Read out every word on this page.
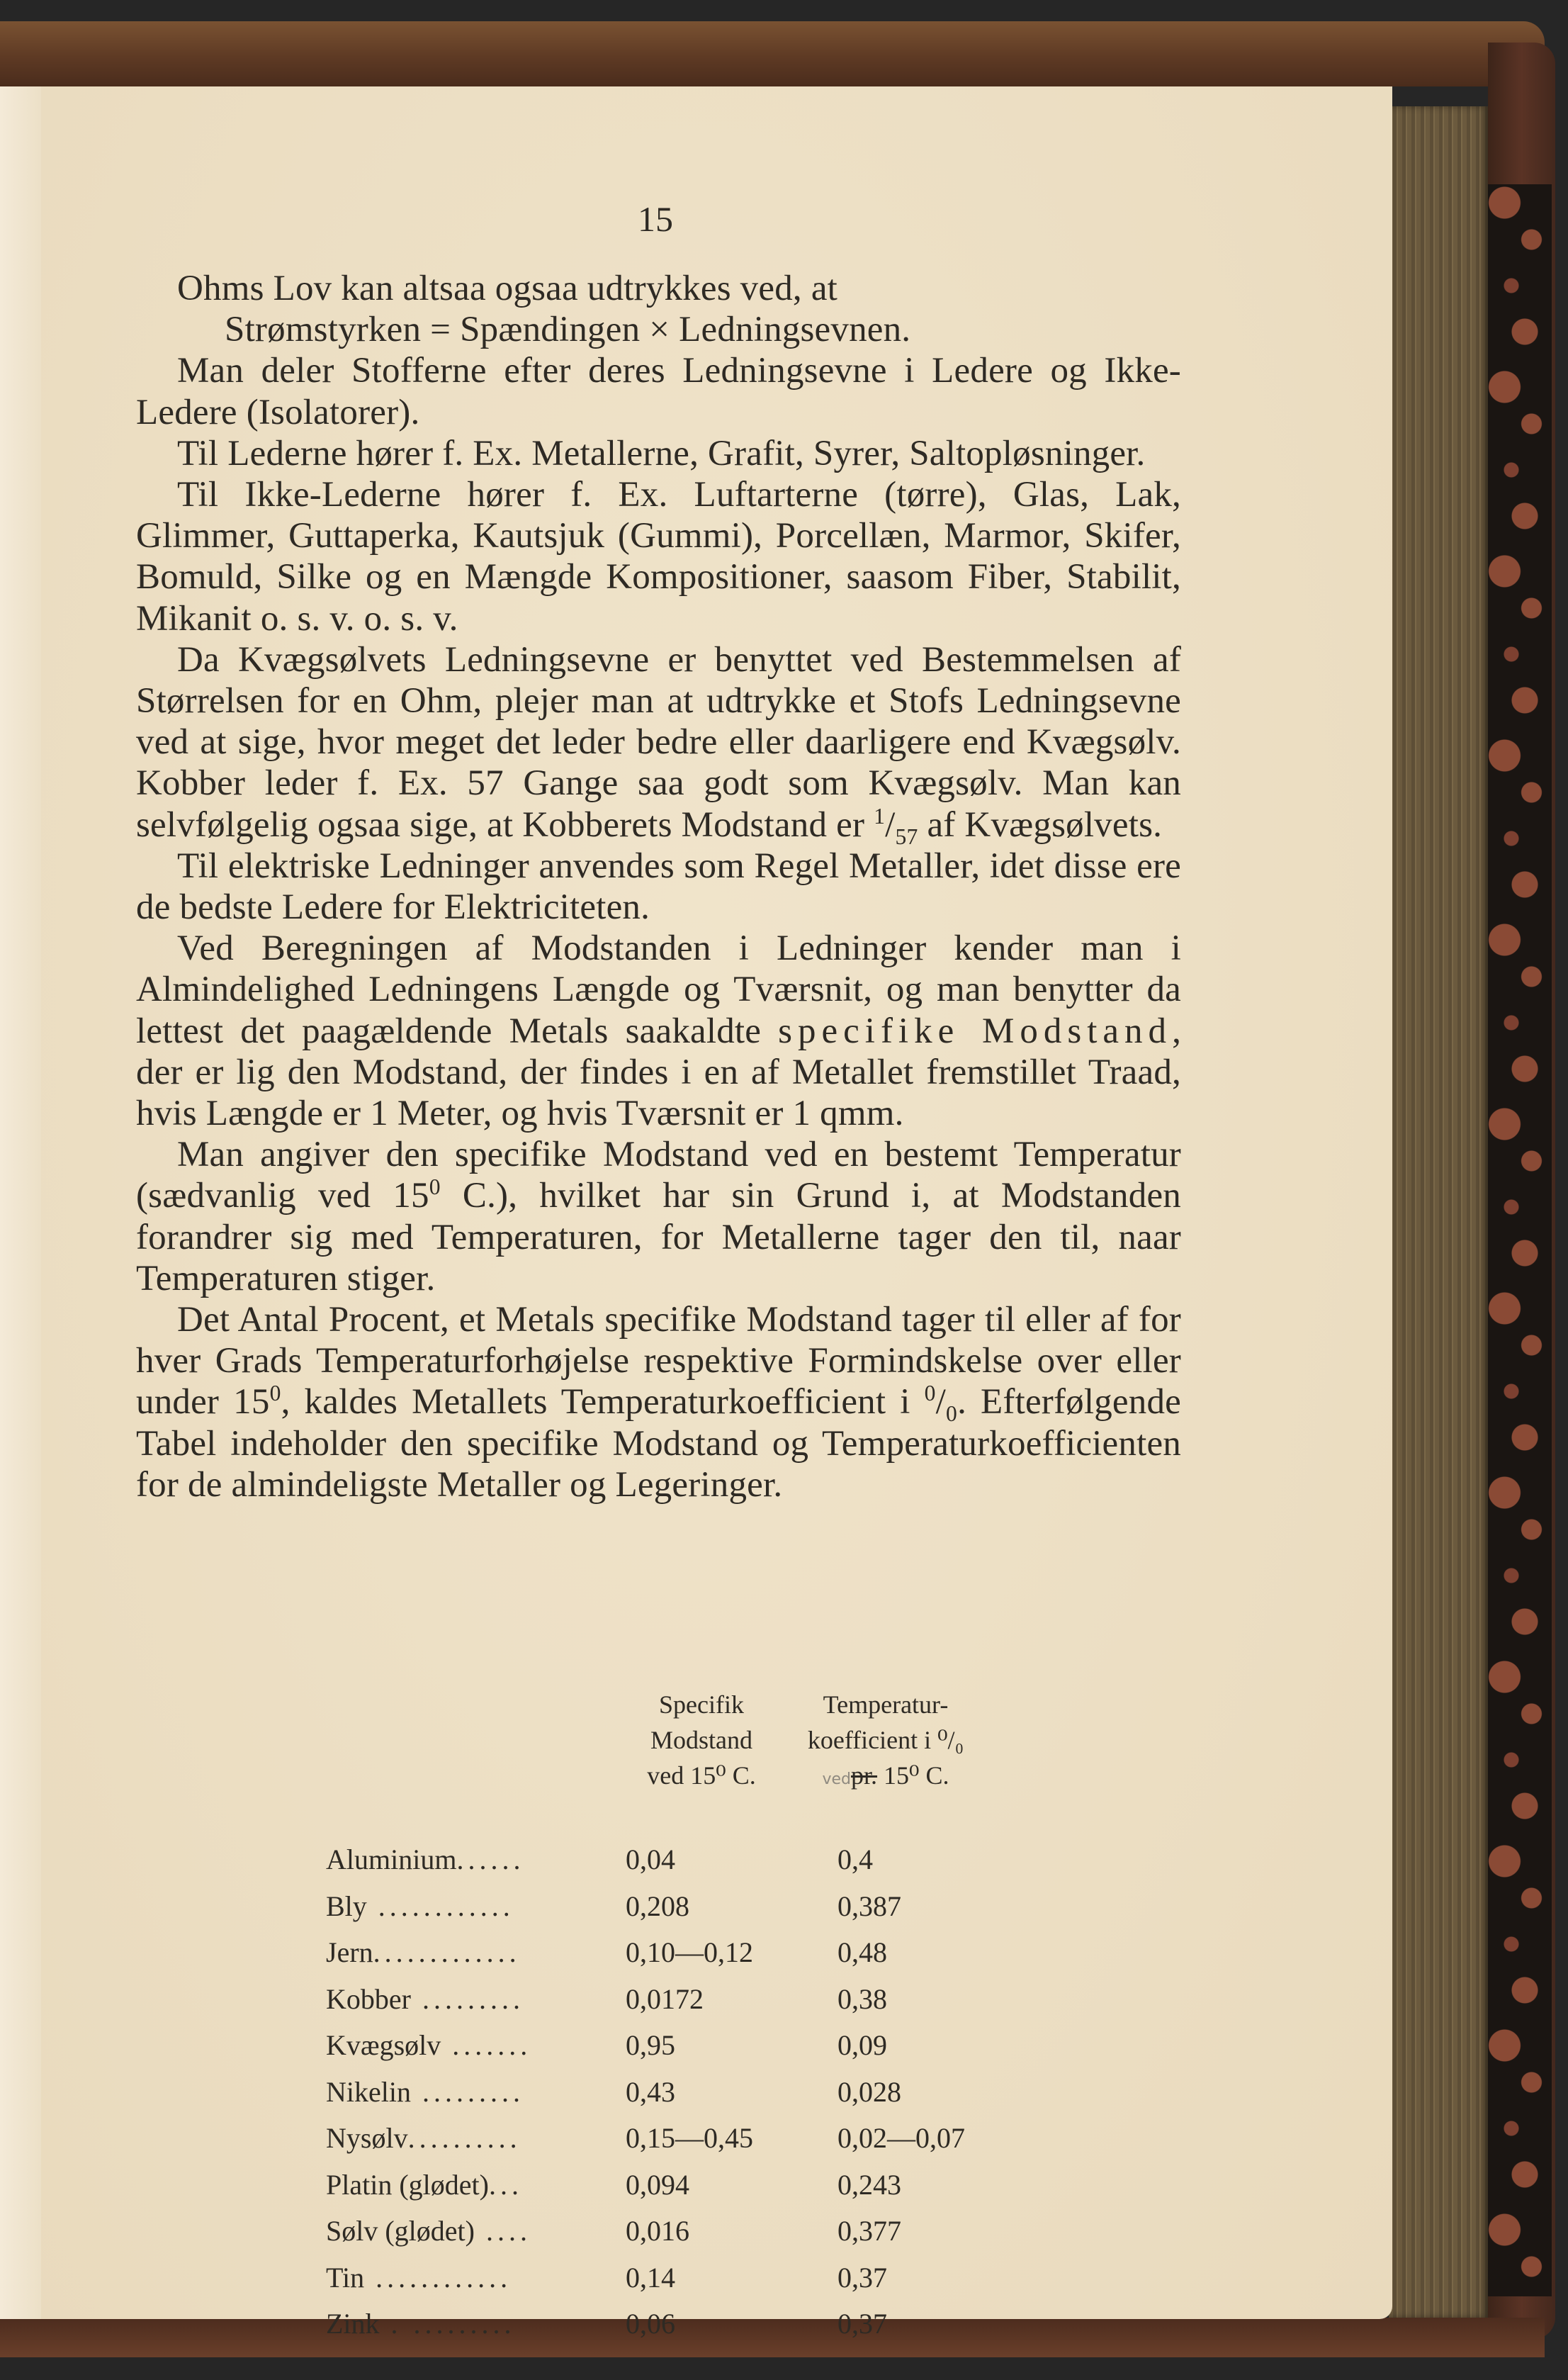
15

Ohms Lov kan altsaa ogsaa udtrykkes ved, at
Strømstyrken = Spændingen × Ledningsevnen.

Man deler Stofferne efter deres Ledningsevne i Ledere og Ikke-Ledere (Isolatorer).

Til Lederne hører f. Ex. Metallerne, Grafit, Syrer, Saltopløsninger.

Til Ikke-Lederne hører f. Ex. Luftarterne (tørre), Glas, Lak, Glimmer, Guttaperka, Kautsjuk (Gummi), Porcellæn, Marmor, Skifer, Bomuld, Silke og en Mængde Kompositioner, saasom Fiber, Stabilit, Mikanit o. s. v. o. s. v.

Da Kvægsølvets Ledningsevne er benyttet ved Bestemmelsen af Størrelsen for en Ohm, plejer man at udtrykke et Stofs Ledningsevne ved at sige, hvor meget det leder bedre eller daarligere end Kvægsølv. Kobber leder f. Ex. 57 Gange saa godt som Kvægsølv. Man kan selvfølgelig ogsaa sige, at Kobberets Modstand er $^1/_{57}$ af Kvægsølvets.

Til elektriske Ledninger anvendes som Regel Metaller, idet disse ere de bedste Ledere for Elektriciteten.

Ved Beregningen af Modstanden i Ledninger kender man i Almindelighed Ledningens Længde og Tværsnit, og man benytter da lettest det paagældende Metals saakaldte specifike Modstand, der er lig den Modstand, der findes i en af Metallet fremstillet Traad, hvis Længde er 1 Meter, og hvis Tværsnit er 1 qmm.

Man angiver den specifike Modstand ved en bestemt Temperatur (sædvanlig ved $15^0$ C.), hvilket har sin Grund i, at Modstanden forandrer sig med Temperaturen, for Metallerne tager den til, naar Temperaturen stiger.

Det Antal Procent, et Metals specifike Modstand tager til eller af for hver Grads Temperaturforhøjelse respektive Formindskelse over eller under $15^0$, kaldes Metallets Temperaturkoefficient i $^0/_0$. Efterfølgende Tabel indeholder den specifike Modstand og Temperaturkoefficienten for de almindeligste Metaller og Legeringer.

Specifik
Modstand
ved 15⁰ C.
Temperatur-
koefficient i ⁰/₀
vedpr. 15⁰ C.
Aluminium......	0,04	0,4
Bly ............	0,208	0,387
Jern.............	0,10—0,12	0,48
Kobber .........	0,0172	0,38
Kvægsølv .......	0,95	0,09
Nikelin .........	0,43	0,028
Nysølv..........	0,15—0,45	0,02—0,07
Platin (glødet)...	0,094	0,243
Sølv (glødet) ....	0,016	0,377
Tin ............	0,14	0,37
Zink . .........	0,06	0,37
